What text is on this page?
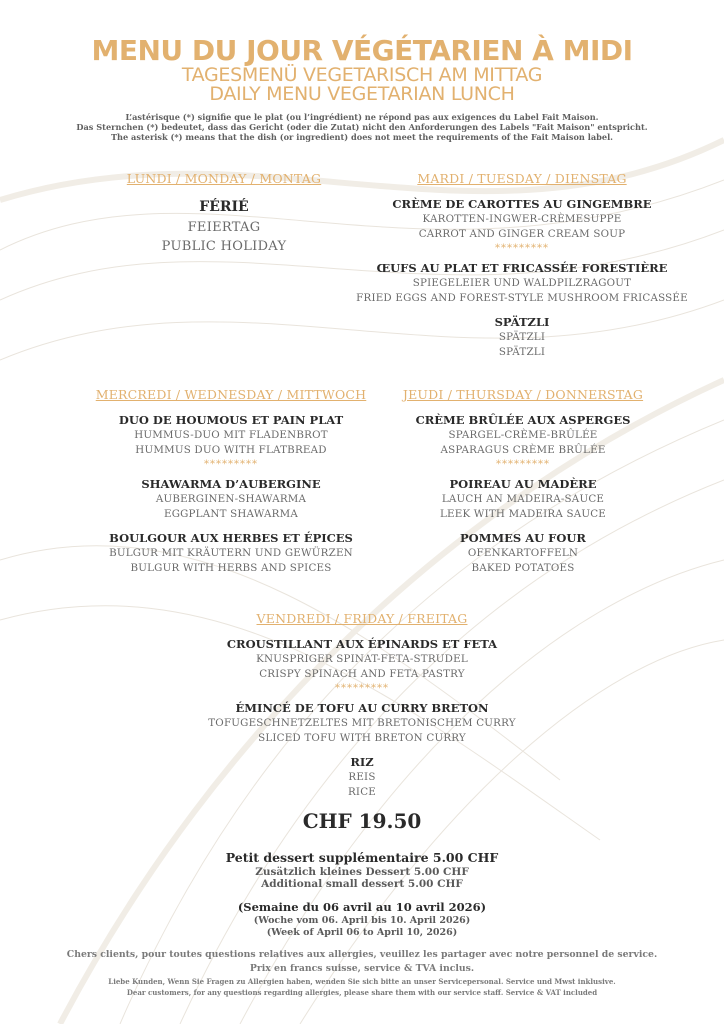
MENU DU JOUR VÉGÉTARIEN À MIDI
TAGESMENÜ VEGETARISCH AM MITTAG
DAILY MENU VEGETARIAN LUNCH
L’astérisque (*) signifie que le plat (ou l’ingrédient) ne répond pas aux exigences du Label Fait Maison.
Das Sternchen (*) bedeutet, dass das Gericht (oder die Zutat) nicht den Anforderungen des Labels "Fait Maison" entspricht.
The asterisk (*) means that the dish (or ingredient) does not meet the requirements of the Fait Maison label.
LUNDI / MONDAY / MONTAG
FÉRIÉ
FEIERTAG
PUBLIC HOLIDAY
MARDI / TUESDAY / DIENSTAG
CRÈME DE CAROTTES AU GINGEMBRE
KAROTTEN-INGWER-CRÈMESUPPE
CARROT AND GINGER CREAM SOUP
*********
ŒUFS AU PLAT ET FRICASSÉE FORESTIÈRE
SPIEGELEIER UND WALDPILZRAGOUT
FRIED EGGS AND FOREST-STYLE MUSHROOM FRICASSÉE
SPÄTZLI
SPÄTZLI
SPÄTZLI
MERCREDI / WEDNESDAY / MITTWOCH
DUO DE HOUMOUS ET PAIN PLAT
HUMMUS-DUO MIT FLADENBROT
HUMMUS DUO WITH FLATBREAD
*********
SHAWARMA D’AUBERGINE
AUBERGINEN-SHAWARMA
EGGPLANT SHAWARMA
BOULGOUR AUX HERBES ET ÉPICES
BULGUR MIT KRÄUTERN UND GEWÜRZEN
BULGUR WITH HERBS AND SPICES
JEUDI / THURSDAY / DONNERSTAG
CRÈME BRÛLÉE AUX ASPERGES
SPARGEL-CRÈME-BRÛLÉE
ASPARAGUS CRÈME BRÛLÉE
*********
POIREAU AU MADÈRE
LAUCH AN MADEIRA-SAUCE
LEEK WITH MADEIRA SAUCE
POMMES AU FOUR
OFENKARTOFFELN
BAKED POTATOES
VENDREDI / FRIDAY / FREITAG
CROUSTILLANT AUX ÉPINARDS ET FETA
KNUSPRIGER SPINAT-FETA-STRUDEL
CRISPY SPINACH AND FETA PASTRY
*********
ÉMINCÉ DE TOFU AU CURRY BRETON
TOFUGESCHNETZELTES MIT BRETONISCHEM CURRY
SLICED TOFU WITH BRETON CURRY
RIZ
REIS
RICE
CHF 19.50
Petit dessert supplémentaire 5.00 CHF
Zusätzlich kleines Dessert 5.00 CHF
Additional small dessert 5.00 CHF
(Semaine du 06 avril au 10 avril 2026)
(Woche vom 06. April bis 10. April 2026)
(Week of April 06 to April 10, 2026)
Chers clients, pour toutes questions relatives aux allergies, veuillez les partager avec notre personnel de service.
Prix en francs suisse, service & TVA inclus.
Liebe Kunden, Wenn Sie Fragen zu Allergien haben, wenden Sie sich bitte an unser Servicepersonal. Service und Mwst inklusive.
Dear customers, for any questions regarding allergies, please share them with our service staff. Service & VAT included
